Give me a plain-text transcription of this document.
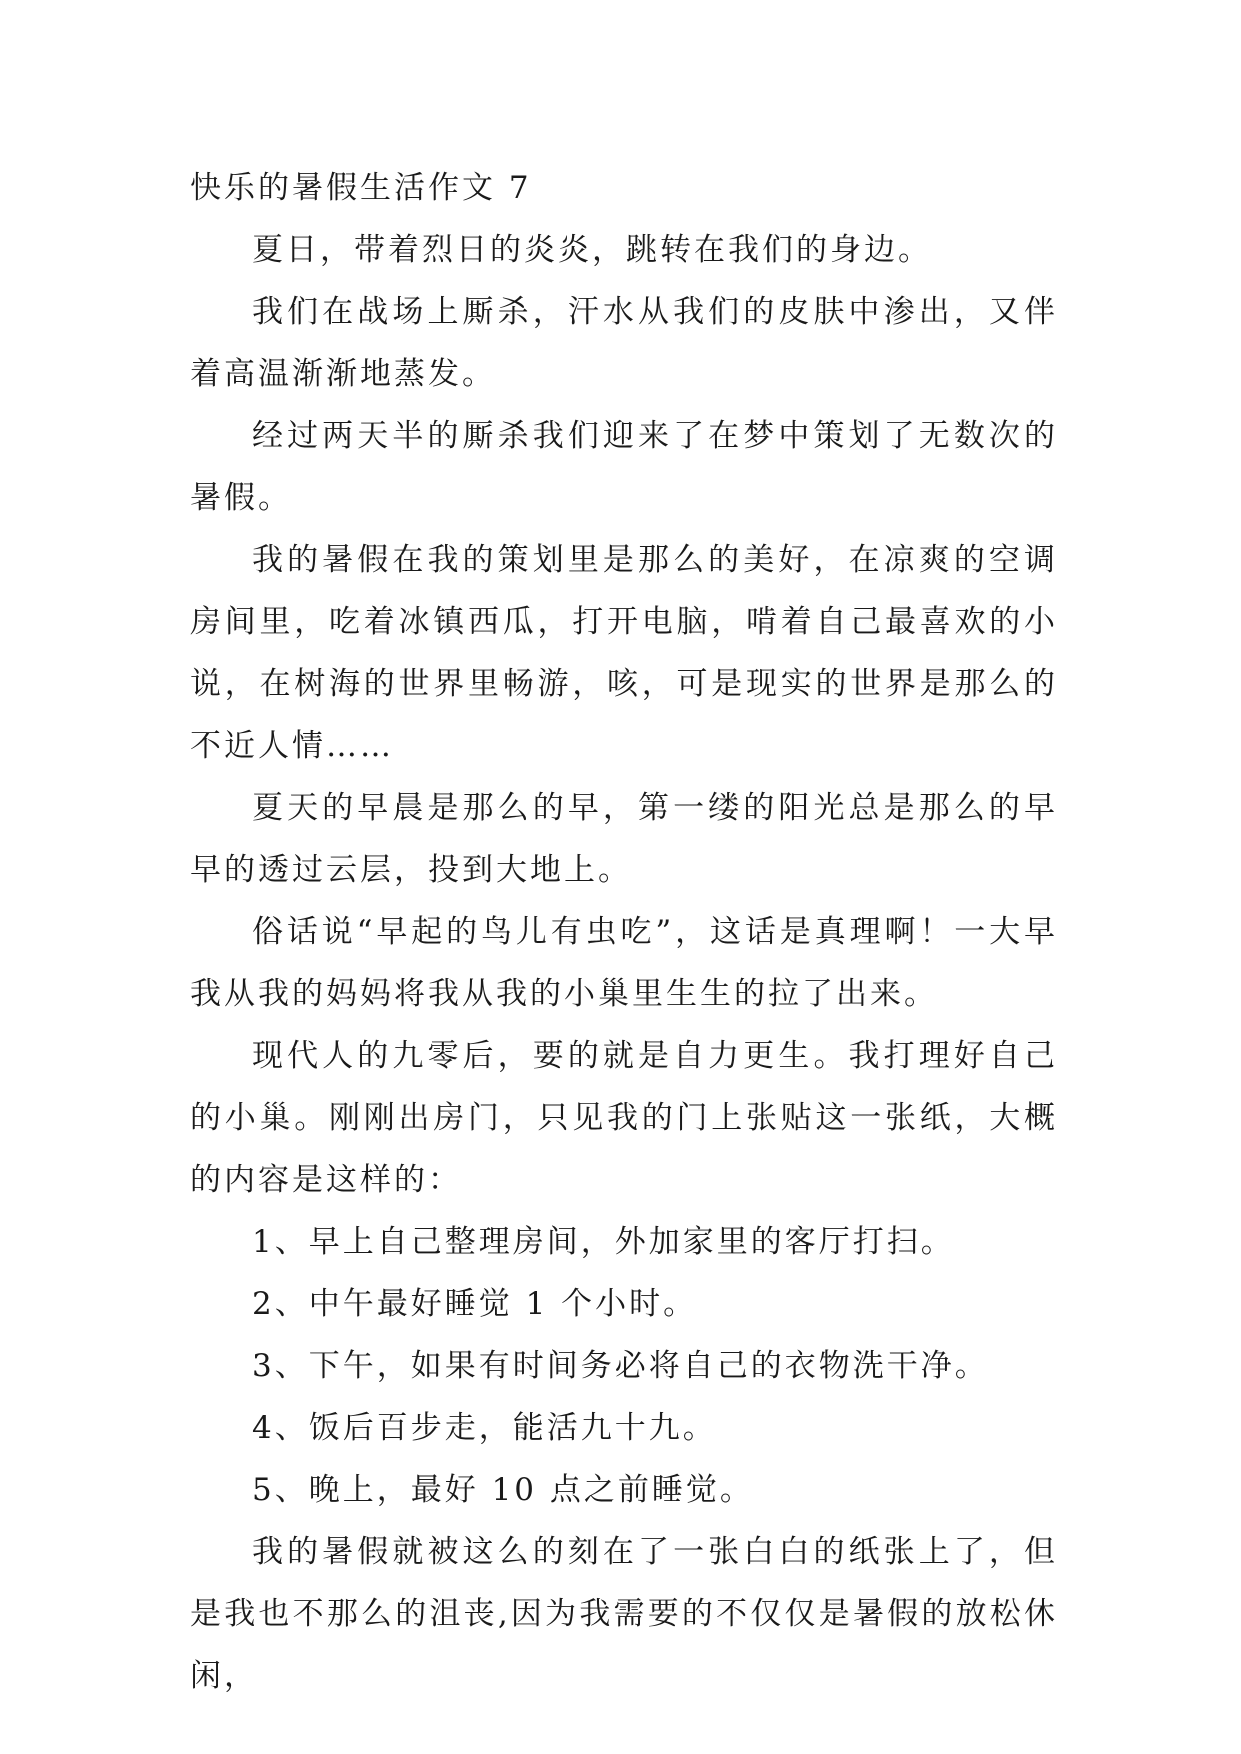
快乐的暑假生活作文 7

夏日，带着烈日的炎炎，跳转在我们的身边。

我们在战场上厮杀，汗水从我们的皮肤中渗出，又伴着高温渐渐地蒸发。

经过两天半的厮杀我们迎来了在梦中策划了无数次的暑假。

我的暑假在我的策划里是那么的美好，在凉爽的空调房间里，吃着冰镇西瓜，打开电脑，啃着自己最喜欢的小说，在树海的世界里畅游，咳，可是现实的世界是那么的不近人情……

夏天的早晨是那么的早，第一缕的阳光总是那么的早早的透过云层，投到大地上。

俗话说“早起的鸟儿有虫吃”，这话是真理啊！一大早我从我的妈妈将我从我的小巢里生生的拉了出来。

现代人的九零后，要的就是自力更生。我打理好自己的小巢。刚刚出房门，只见我的门上张贴这一张纸，大概的内容是这样的：

1、早上自己整理房间，外加家里的客厅打扫。

2、中午最好睡觉 1 个小时。

3、下午，如果有时间务必将自己的衣物洗干净。

4、饭后百步走，能活九十九。

5、晚上，最好 10 点之前睡觉。

我的暑假就被这么的刻在了一张白白的纸张上了，但是我也不那么的沮丧,因为我需要的不仅仅是暑假的放松休闲，
